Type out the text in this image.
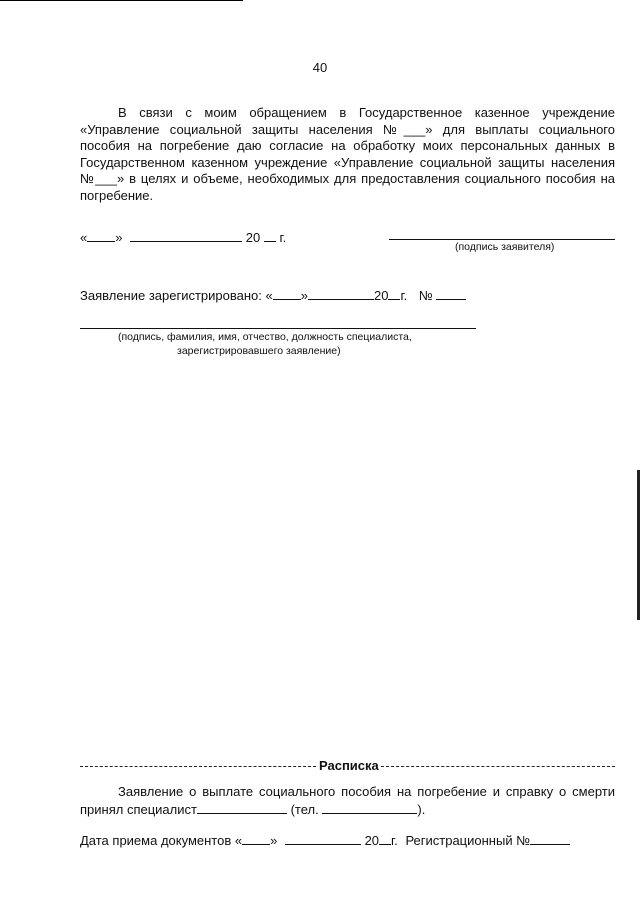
40
В связи с моим обращением в Государственное казенное учреждение «Управление социальной защиты населения №___» для выплаты социального пособия на погребение даю согласие на обработку моих персональных данных в Государственном казенном учреждение «Управление социальной защиты населения №___» в целях и объеме, необходимых для предоставления социального пособия на погребение.
« »	20 г.
(подпись заявителя)
Заявление зарегистрировано: « »	20 г. №
(подпись, фамилия, имя, отчество, должность специалиста,
зарегистрировавшего заявление)
Расписка
Заявление о выплате социального пособия на погребение и справку о смерти принял специалист	(тел.	).
Дата приема документов « »	20 г. Регистрационный №
